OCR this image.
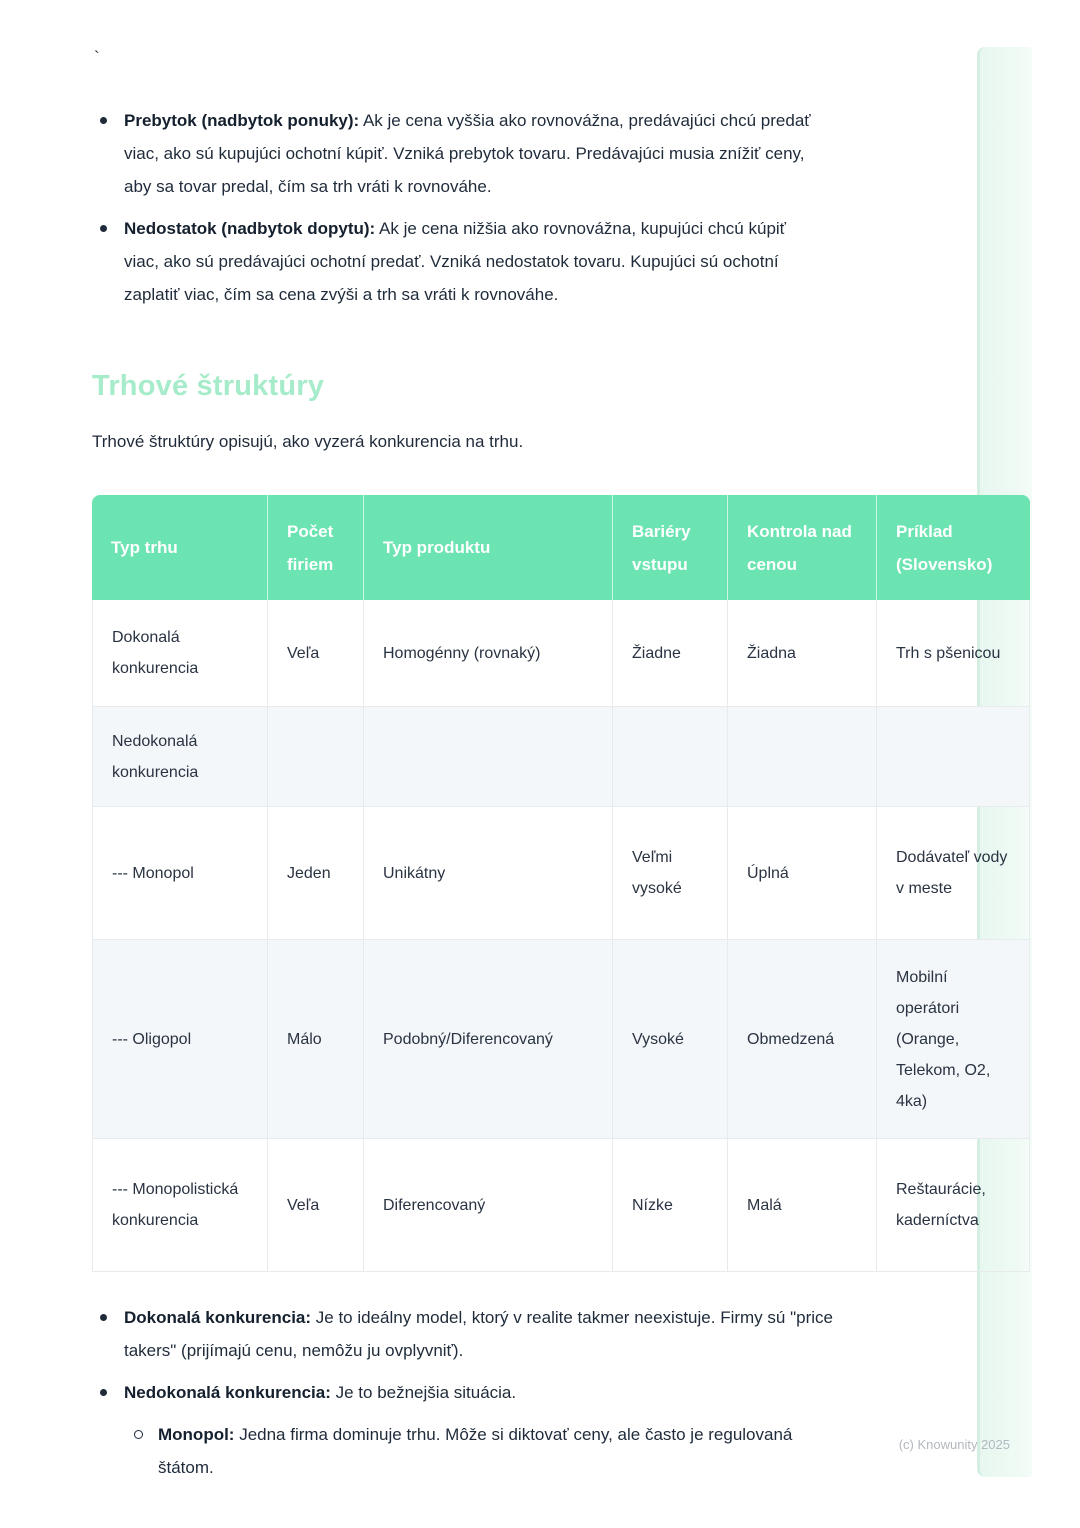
`

Prebytok (nadbytok ponuky): Ak je cena vyššia ako rovnovážna, predávajúci chcú predať viac, ako sú kupujúci ochotní kúpiť. Vzniká prebytok tovaru. Predávajúci musia znížiť ceny, aby sa tovar predal, čím sa trh vráti k rovnováhe.

Nedostatok (nadbytok dopytu): Ak je cena nižšia ako rovnovážna, kupujúci chcú kúpiť viac, ako sú predávajúci ochotní predať. Vzniká nedostatok tovaru. Kupujúci sú ochotní zaplatiť viac, čím sa cena zvýši a trh sa vráti k rovnováhe.

Trhové štruktúry

Trhové štruktúry opisujú, ako vyzerá konkurencia na trhu.

Typ trhu	Počet firiem	Typ produktu	Bariéry vstupu	Kontrola nad cenou	Príklad (Slovensko)
Dokonalá konkurencia	Veľa	Homogénny (rovnaký)	Žiadne	Žiadna	Trh s pšenicou
Nedokonalá konkurencia					
--- Monopol	Jeden	Unikátny	Veľmi vysoké	Úplná	Dodávateľ vody v meste
--- Oligopol	Málo	Podobný/Diferencovaný	Vysoké	Obmedzená	Mobilní operátori (Orange, Telekom, O2, 4ka)
--- Monopolistická konkurencia	Veľa	Diferencovaný	Nízke	Malá	Reštaurácie, kaderníctva

Dokonalá konkurencia: Je to ideálny model, ktorý v realite takmer neexistuje. Firmy sú "price takers" (prijímajú cenu, nemôžu ju ovplyvniť).

Nedokonalá konkurencia: Je to bežnejšia situácia.

Monopol: Jedna firma dominuje trhu. Môže si diktovať ceny, ale často je regulovaná štátom.

(c) Knowunity 2025
